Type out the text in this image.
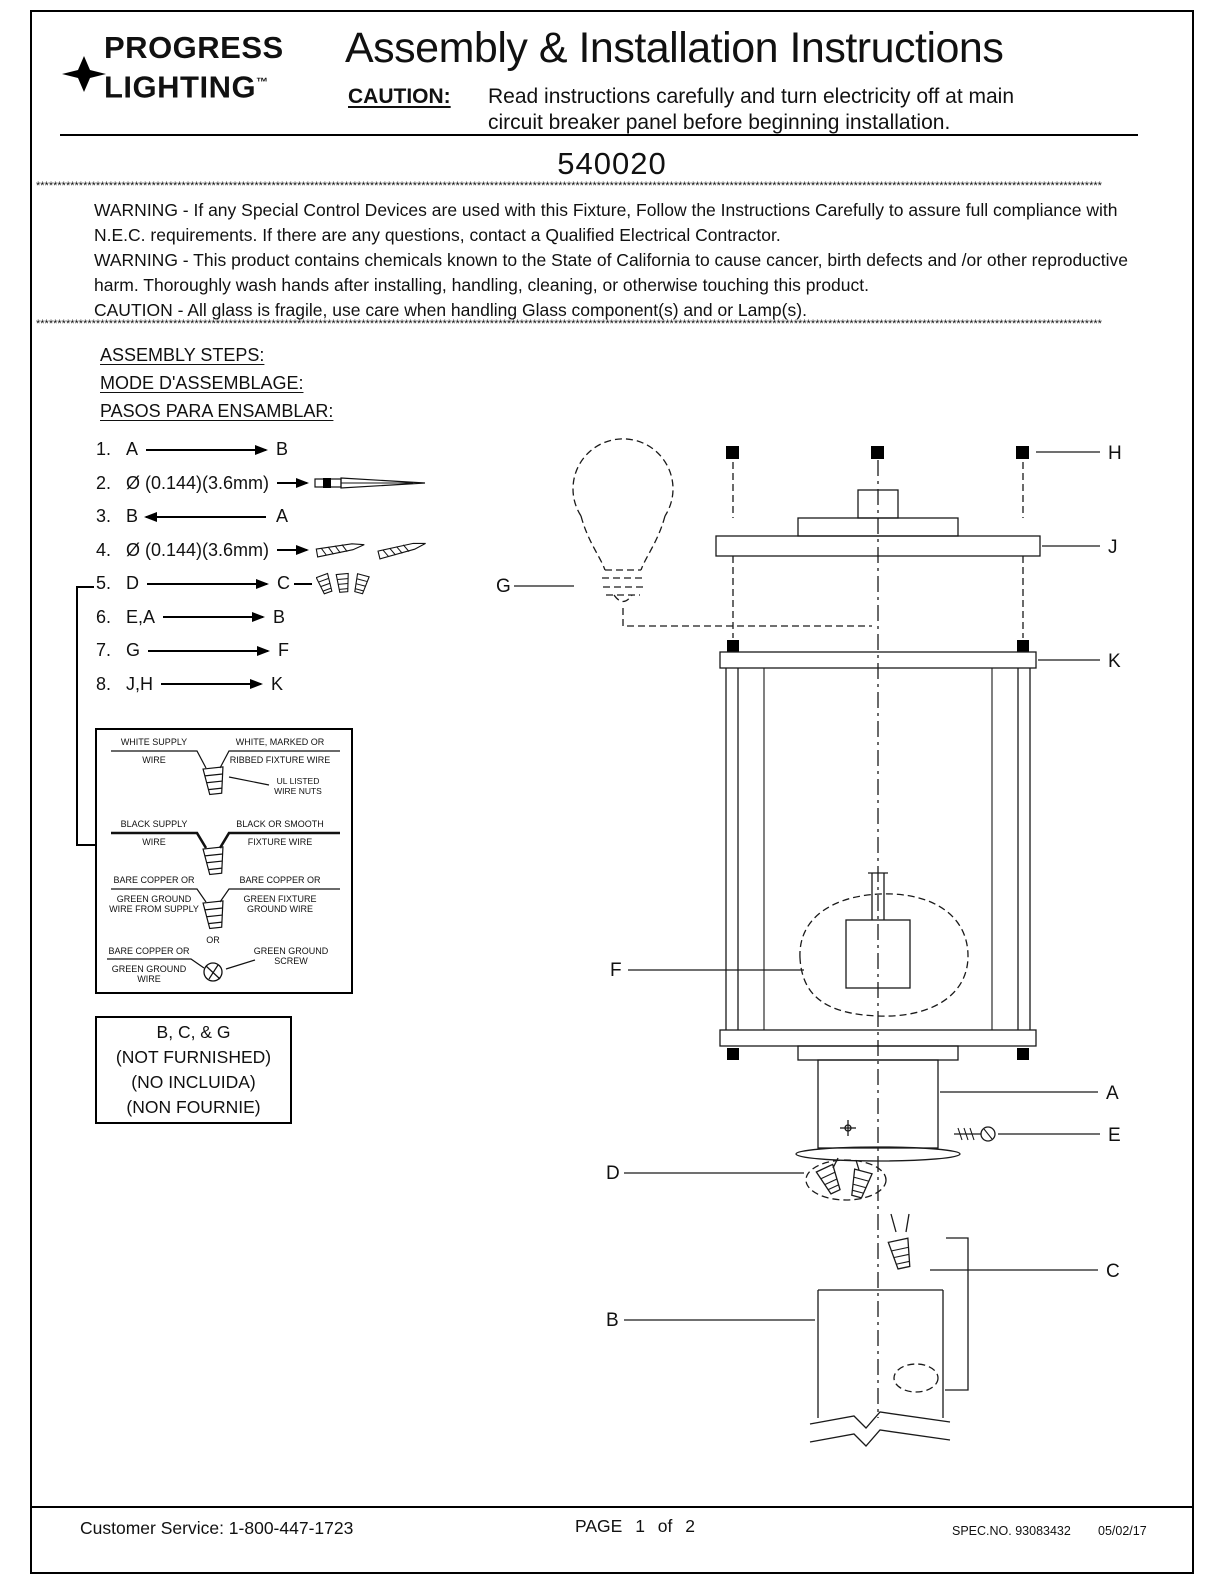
PROGRESS
LIGHTING™
Assembly & Installation Instructions
CAUTION: Read instructions carefully and turn electricity off at main
circuit breaker panel before beginning installation.
540020
*********************************************************************************************************************************************************************************************************************************************************

WARNING - If any Special Control Devices are used with this Fixture, Follow the Instructions Carefully to assure full compliance with N.E.C. requirements. If there are any questions, contact a Qualified Electrical Contractor.

WARNING - This product contains chemicals known to the State of California to cause cancer, birth defects and /or other reproductive harm. Thoroughly wash hands after installing, handling, cleaning, or otherwise touching this product.

CAUTION - All glass is fragile, use care when handling Glass component(s) and or Lamp(s).

*********************************************************************************************************************************************************************************************************************************************************
ASSEMBLY STEPS:
MODE D'ASSEMBLAGE:
PASOS PARA ENSAMBLAR:
1. A	B
2. Ø (0.144)(3.6mm)
3. B	A
4. Ø (0.144)(3.6mm)
5. D	C
6. E,A	B
7. G	F
8. J,H	K
WHITE SUPPLY
WIRE
WHITE, MARKED OR
RIBBED FIXTURE WIRE
UL LISTED
WIRE NUTS
BLACK SUPPLY
WIRE
BLACK OR SMOOTH
FIXTURE WIRE
BARE COPPER OR
GREEN GROUND
WIRE FROM SUPPLY
BARE COPPER OR
GREEN FIXTURE
GROUND WIRE
OR
BARE COPPER OR
GREEN GROUND
WIRE
GREEN GROUND
SCREW
B, C, & G
(NOT FURNISHED)
(NO INCLUIDA)
(NON FOURNIE)
G
H
J
K
F
A
E
D
C
B
Customer Service: 1-800-447-1723	PAGE 1 of 2	SPEC.NO. 93083432 05/02/17
